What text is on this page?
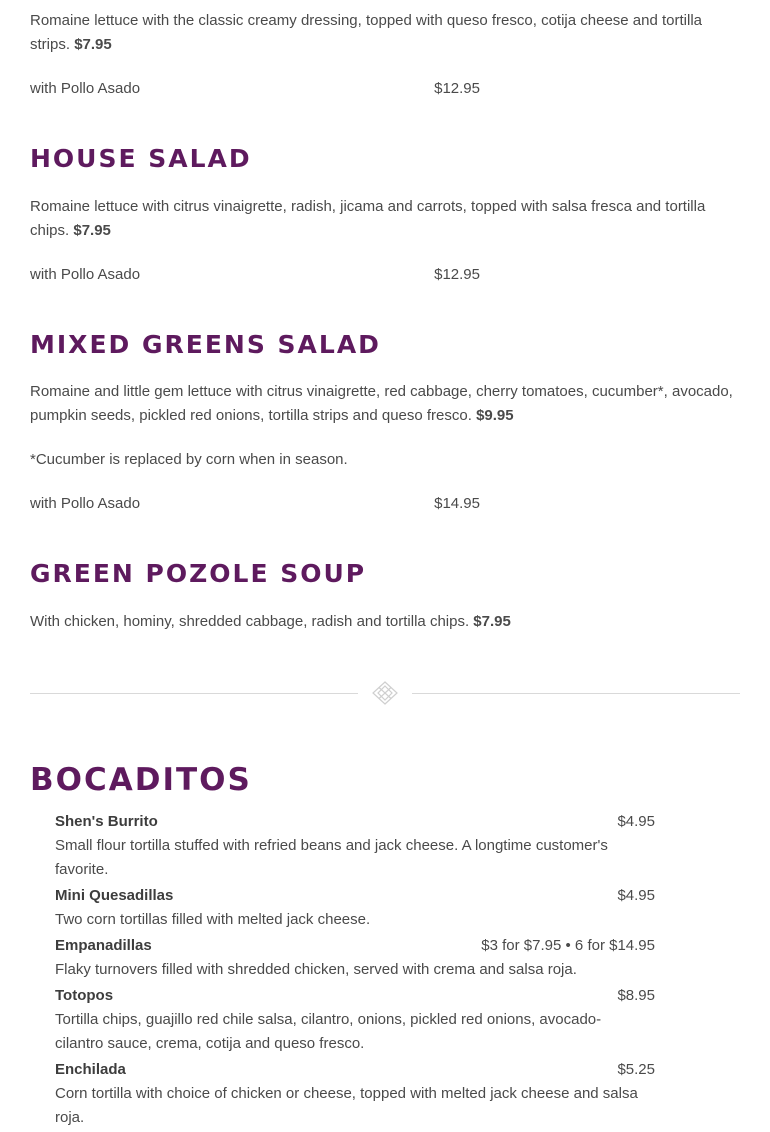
Romaine lettuce with the classic creamy dressing, topped with queso fresco, cotija cheese and tortilla strips. $7.95

with Pollo Asado	$12.95
HOUSE SALAD

Romaine lettuce with citrus vinaigrette, radish, jicama and carrots, topped with salsa fresca and tortilla chips. $7.95

with Pollo Asado	$12.95
MIXED GREENS SALAD

Romaine and little gem lettuce with citrus vinaigrette, red cabbage, cherry tomatoes, cucumber*, avocado, pumpkin seeds, pickled red onions, tortilla strips and queso fresco. $9.95

*Cucumber is replaced by corn when in season.

with Pollo Asado	$14.95
GREEN POZOLE SOUP

With chicken, hominy, shredded cabbage, radish and tortilla chips. $7.95

BOCADITOS
Shen's Burrito	$4.95

Small flour tortilla stuffed with refried beans and jack cheese. A longtime customer's favorite.

Mini Quesadillas	$4.95

Two corn tortillas filled with melted jack cheese.

Empanadillas	$3 for $7.95 • 6 for $14.95

Flaky turnovers filled with shredded chicken, served with crema and salsa roja.

Totopos	$8.95

Tortilla chips, guajillo red chile salsa, cilantro, onions, pickled red onions, avocado-cilantro sauce, crema, cotija and queso fresco.

Enchilada	$5.25

Corn tortilla with choice of chicken or cheese, topped with melted jack cheese and salsa roja.
